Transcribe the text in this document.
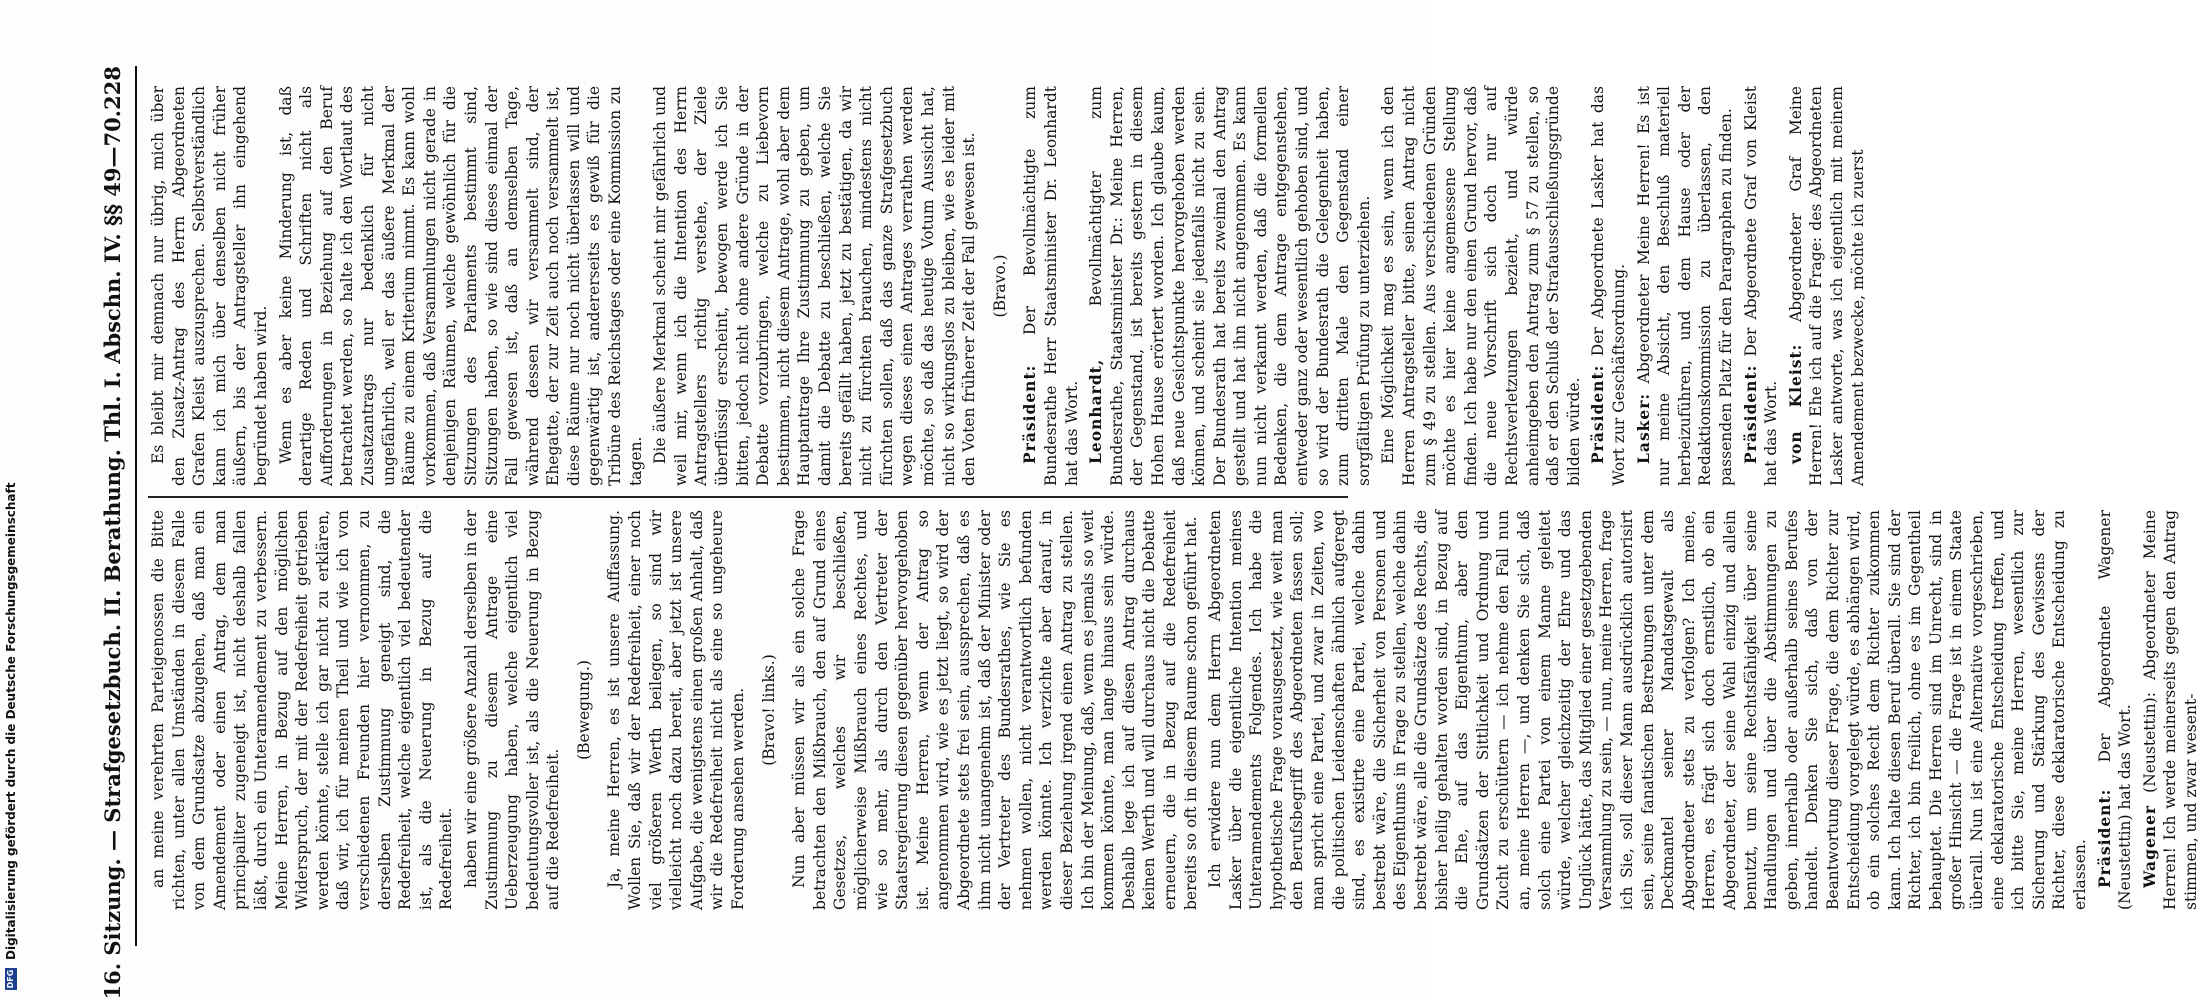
228
16. Sitzung. — Strafgesetzbuch. II. Berathung. Thl. I. Abschn. IV. §§ 49—70. Es bleibt mir demnach nur übrig, mich über den Zusatz-Antrag des Herrn Abgeordneten Grafen Kleist auszusprechen. Selbstverständlich kann ich mich über denselben nicht früher äußern, bis der Antragsteller ihn eingehend begründet haben wird. Wenn es aber keine Minderung ist, daß derartige Reden und Schriften nicht als Aufforderungen in Beziehung auf den Beruf betrachtet werden, so halte ich den Wortlaut des Zusatzantrags nur bedenklich für nicht ungefährlich, weil er das äußere Merkmal der Räume zu einem Kriterium nimmt. Es kann wohl vorkommen, daß Versammlungen nicht gerade in denjenigen Räumen, welche gewöhnlich für die Sitzungen des Parlaments bestimmt sind, Sitzungen haben, so wie sind dieses einmal der Fall gewesen ist, daß an demselben Tage, während dessen wir versammelt sind, der Ehegatte, der zur Zeit auch noch versammelt ist, diese Räume nur noch nicht überlassen will und gegenwärtig ist, andererseits es gewiß für die Tribüne des Reichstages oder eine Kommission zu tagen. Die äußere Merkmal scheint mir gefährlich und weil mir, wenn ich die Intention des Herrn Antragstellers richtig verstehe, der Ziele überflüssig erscheint, bewogen werde ich Sie bitten, jedoch nicht ohne andere Gründe in der Debatte vorzubringen, welche zu Liebevorn bestimmen, nicht diesem Antrage, wohl aber dem Hauptantrage Ihre Zustimmung zu geben, um damit die Debatte zu beschließen, welche Sie bereits gefällt haben, jetzt zu bestätigen, da wir nicht zu fürchten brauchen, mindestens nicht fürchten sollen, daß das ganze Strafgesetzbuch wegen dieses einen Antrages verrathen werden möchte, so daß das heutige Votum Aussicht hat, nicht so wirkungslos zu bleiben, wie es leider mit den Voten früherer Zeit der Fall gewesen ist. (Bravo.)

Präsident: Der Bevollmächtigte zum Bundesrathe Herr Staatsminister Dr. Leonhardt hat das Wort. Leonhardt, Bevollmächtigter zum Bundesrathe, Staatsminister Dr.: Meine Herren, der Gegenstand, ist bereits gestern in diesem Hohen Hause erörtert worden. Ich glaube kaum, daß neue Gesichtspunkte hervorgehoben werden können, und scheint sie jedenfalls nicht zu sein. Der Bundesrath hat bereits zweimal den Antrag gestellt und hat ihn nicht angenommen. Es kann nun nicht verkannt werden, daß die formellen Bedenken, die dem Antrage entgegenstehen, entweder ganz oder wesentlich gehoben sind, und so wird der Bundesrath die Gelegenheit haben, zum dritten Male den Gegenstand einer sorgfältigen Prüfung zu unterziehen. Eine Möglichkeit mag es sein, wenn ich den Herren Antragsteller bitte, seinen Antrag nicht zum § 49 zu stellen. Aus verschiedenen Gründen möchte es hier keine angemessene Stellung finden. Ich habe nur den einen Grund hervor, daß die neue Vorschrift sich doch nur auf Rechtsverletzungen bezieht, und würde anheimgeben den Antrag zum § 57 zu stellen, so daß er den Schluß der Strafausschließungsgründe bilden würde. Präsident: Der Abgeordnete Lasker hat das Wort zur Geschäftsordnung. Lasker: Abgeordneter Meine Herren! Es ist nur meine Absicht, den Beschluß materiell herbeizuführen, und dem Hause oder der Redaktionskommission zu überlassen, den passenden Platz für den Paragraphen zu finden. Präsident: Der Abgeordnete Graf von Kleist hat das Wort. von Kleist: Abgeordneter Graf Meine Herren! Ehe ich auf die Frage: des Abgeordneten Lasker antworte, was ich eigentlich mit meinem Amendement bezwecke, möchte ich zuerst

an meine verehrten Parteigenossen die Bitte richten, unter allen Umständen in diesem Falle von dem Grundsatze abzugehen, daß man ein Amendement oder einen Antrag, dem man principaliter zugeneigt ist, nicht deshalb fallen läßt, durch ein Unteramendement zu verbessern. Meine Herren, in Bezug auf den möglichen Widerspruch, der mit der Redefreiheit getrieben werden könnte, stelle ich gar nicht zu erklären, daß wir, ich für meinen Theil und wie ich von verschiedenen Freunden hier vernommen, zu derselben Zustimmung geneigt sind, die Redefreiheit, welche eigentlich viel bedeutender ist, als die Neuerung in Bezug auf die Redefreiheit. haben wir eine größere Anzahl derselben in der Zustimmung zu diesem Antrage eine Ueberzeugung haben, welche eigentlich viel bedeutungsvoller ist, als die Neuerung in Bezug auf die Redefreiheit.

(Bewegung.) Ja, meine Herren, es ist unsere Auffassung. Wollen Sie, daß wir der Redefreiheit, einer noch viel größeren Werth beilegen, so sind wir vielleicht noch dazu bereit, aber jetzt ist unsere Aufgabe, die wenigstens einen großen Anhalt, daß wir die Redefreiheit nicht als eine so ungeheure Forderung ansehen werden. (Bravo! links.) Nun aber müssen wir als ein solche Frage betrachten den Mißbrauch, den auf Grund eines Gesetzes, welches wir beschließen, möglicherweise Mißbrauch eines Rechtes, und wie so mehr, als durch den Vertreter der Staatsregierung diesen gegenüber hervorgehoben ist. Meine Herren, wenn der Antrag so angenommen wird, wie es jetzt liegt, so wird der Abgeordnete stets frei sein, aussprechen, daß es ihm nicht unangenehm ist, daß der Minister oder der Vertreter des Bundesrathes, wie Sie es nehmen wollen, nicht verantwortlich befunden werden könnte. Ich verzichte aber darauf, in dieser Beziehung irgend einen Antrag zu stellen. Ich bin der Meinung, daß, wenn es jemals so weit kommen könnte, man lange hinaus sein würde. Deshalb lege ich auf diesen Antrag durchaus keinen Werth und will durchaus nicht die Debatte erneuern, die in Bezug auf die Redefreiheit bereits so oft in diesem Raume schon geführt hat. Ich erwidere nun dem Herrn Abgeordneten Lasker über die eigentliche Intention meines Unteramendements Folgendes. Ich habe die hypothetische Frage vorausgesetzt, wie weit man den Berufsbegriff des Abgeordneten fassen soll; man spricht eine Partei, und zwar in Zeiten, wo die politischen Leidenschaften ähnlich aufgeregt sind, es existirte eine Partei, welche dahin bestrebt wäre, die Sicherheit von Personen und des Eigenthums in Frage zu stellen, welche dahin bestrebt wäre, alle die Grundsätze des Rechts, die bisher heilig gehalten worden sind, in Bezug auf die Ehe, auf das Eigenthum, aber den Grundsätzen der Sittlichkeit und Ordnung und Zucht zu erschüttern — ich nehme den Fall nun an, meine Herren —, und denken Sie sich, daß solch eine Partei von einem Manne geleitet würde, welcher gleichzeitig der Ehre und das Unglück hätte, das Mitglied einer gesetzgebenden Versammlung zu sein, — nun, meine Herren, frage ich Sie, soll dieser Mann ausdrücklich autorisirt sein, seine fanatischen Bestrebungen unter dem Deckmantel seiner Mandatsgewalt als Abgeordneter stets zu verfolgen? Ich meine, Herren, es frägt sich doch ernstlich, ob ein Abgeordneter, der seine Wahl einzig und allein benutzt, um seine Rechtsfähigkeit über seine Handlungen und über die Abstimmungen zu geben, innerhalb oder außerhalb seines Berufes handelt. Denken Sie sich, daß von der Beantwortung dieser Frage, die dem Richter zur Entscheidung vorgelegt würde, es abhängen wird, ob ein solches Recht dem Richter zukommen kann. Ich halte diesen Beruf überall. Sie sind der Richter, ich bin freilich, ohne es im Gegentheil behauptet. Die Herren sind im Unrecht, sind in großer Hinsicht — die Frage ist in einem Staate überall. Nun ist eine Alternative vorgeschrieben, eine deklaratorische Entscheidung treffen, und ich bitte Sie, meine Herren, wesentlich zur Sicherung und Stärkung des Gewissens der Richter, diese deklaratorische Entscheidung zu erlassen. Präsident: Der Abgeordnete Wagener (Neustettin) hat das Wort. Wagener (Neustettin): Abgeordneter Meine Herren! Ich werde meinerseits gegen den Antrag stimmen, und zwar wesent-

DFG
Digitalisierung gefördert durch die Deutsche Forschungsgemeinschaft
